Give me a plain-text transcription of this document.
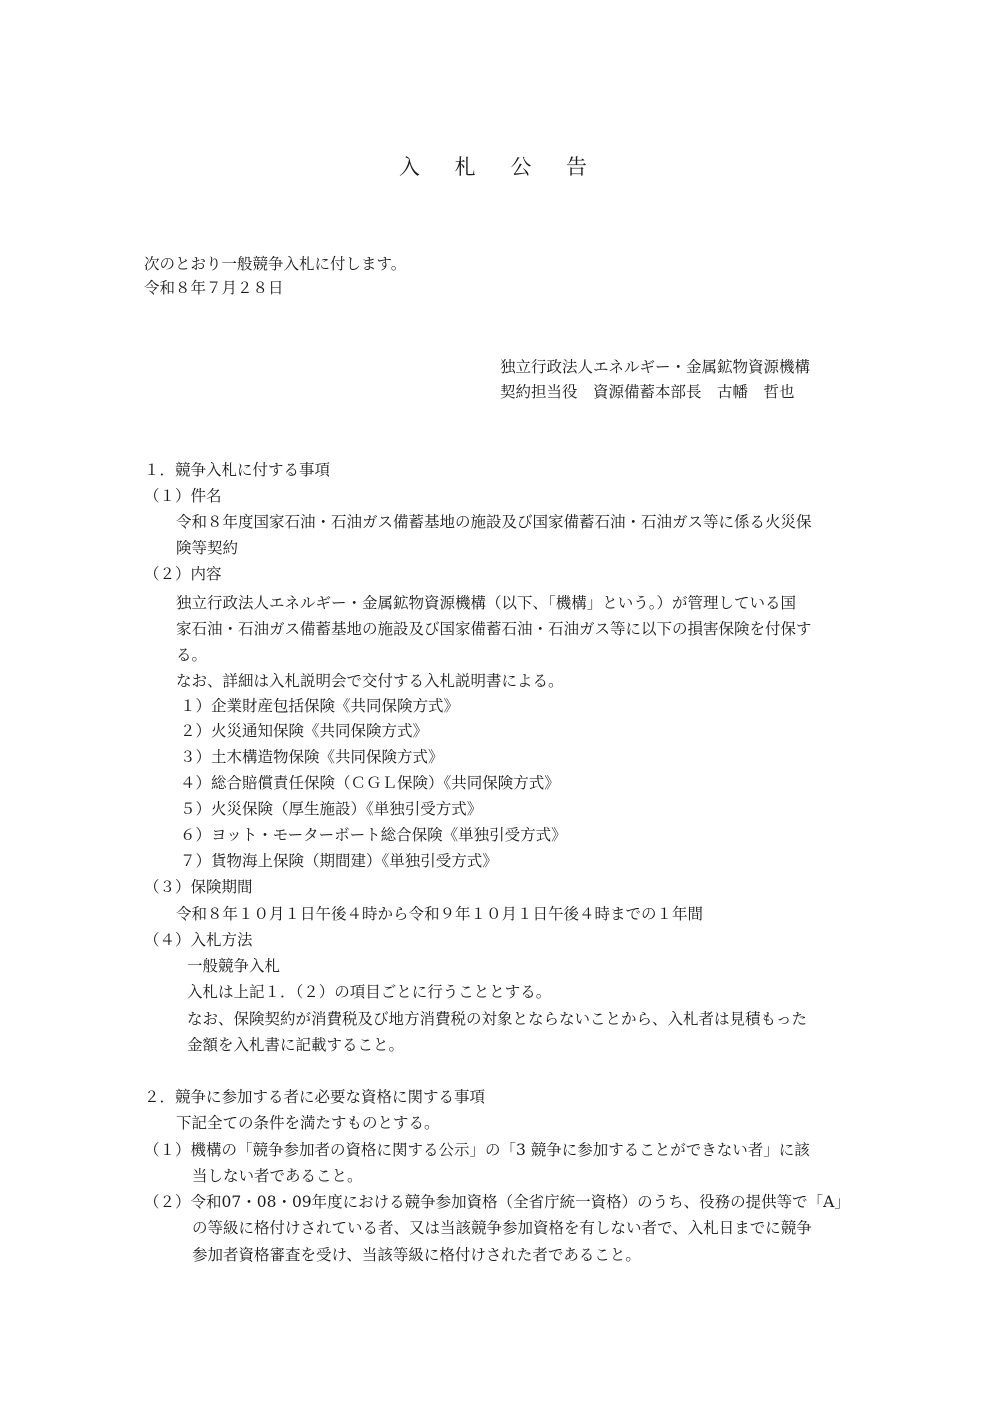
入 札 公 告
次のとおり一般競争入札に付します。
令和８年７月２８日
独立行政法人エネルギー・金属鉱物資源機構
契約担当役　資源備蓄本部長　古幡　哲也
１．競争入札に付する事項
（１）件名
令和８年度国家石油・石油ガス備蓄基地の施設及び国家備蓄石油・石油ガス等に係る火災保
険等契約
（２）内容
独立行政法人エネルギー・金属鉱物資源機構（以下、「機構」という。）が管理している国
家石油・石油ガス備蓄基地の施設及び国家備蓄石油・石油ガス等に以下の損害保険を付保す
る。
なお、詳細は入札説明会で交付する入札説明書による。
１）企業財産包括保険《共同保険方式》
２）火災通知保険《共同保険方式》
３）土木構造物保険《共同保険方式》
４）総合賠償責任保険（ＣＧＬ保険）《共同保険方式》
５）火災保険（厚生施設）《単独引受方式》
６）ヨット・モーターボート総合保険《単独引受方式》
７）貨物海上保険（期間建）《単独引受方式》
（３）保険期間
令和８年１０月１日午後４時から令和９年１０月１日午後４時までの１年間
（４）入札方法
一般競争入札
入札は上記１．（２）の項目ごとに行うこととする。
なお、保険契約が消費税及び地方消費税の対象とならないことから、入札者は見積もった
金額を入札書に記載すること。
２．競争に参加する者に必要な資格に関する事項
下記全ての条件を満たすものとする。
（１）機構の「競争参加者の資格に関する公示」の「3 競争に参加することができない者」に該
当しない者であること。
（２）令和07・08・09年度における競争参加資格（全省庁統一資格）のうち、役務の提供等で「A」
の等級に格付けされている者、又は当該競争参加資格を有しない者で、入札日までに競争
参加者資格審査を受け、当該等級に格付けされた者であること。
